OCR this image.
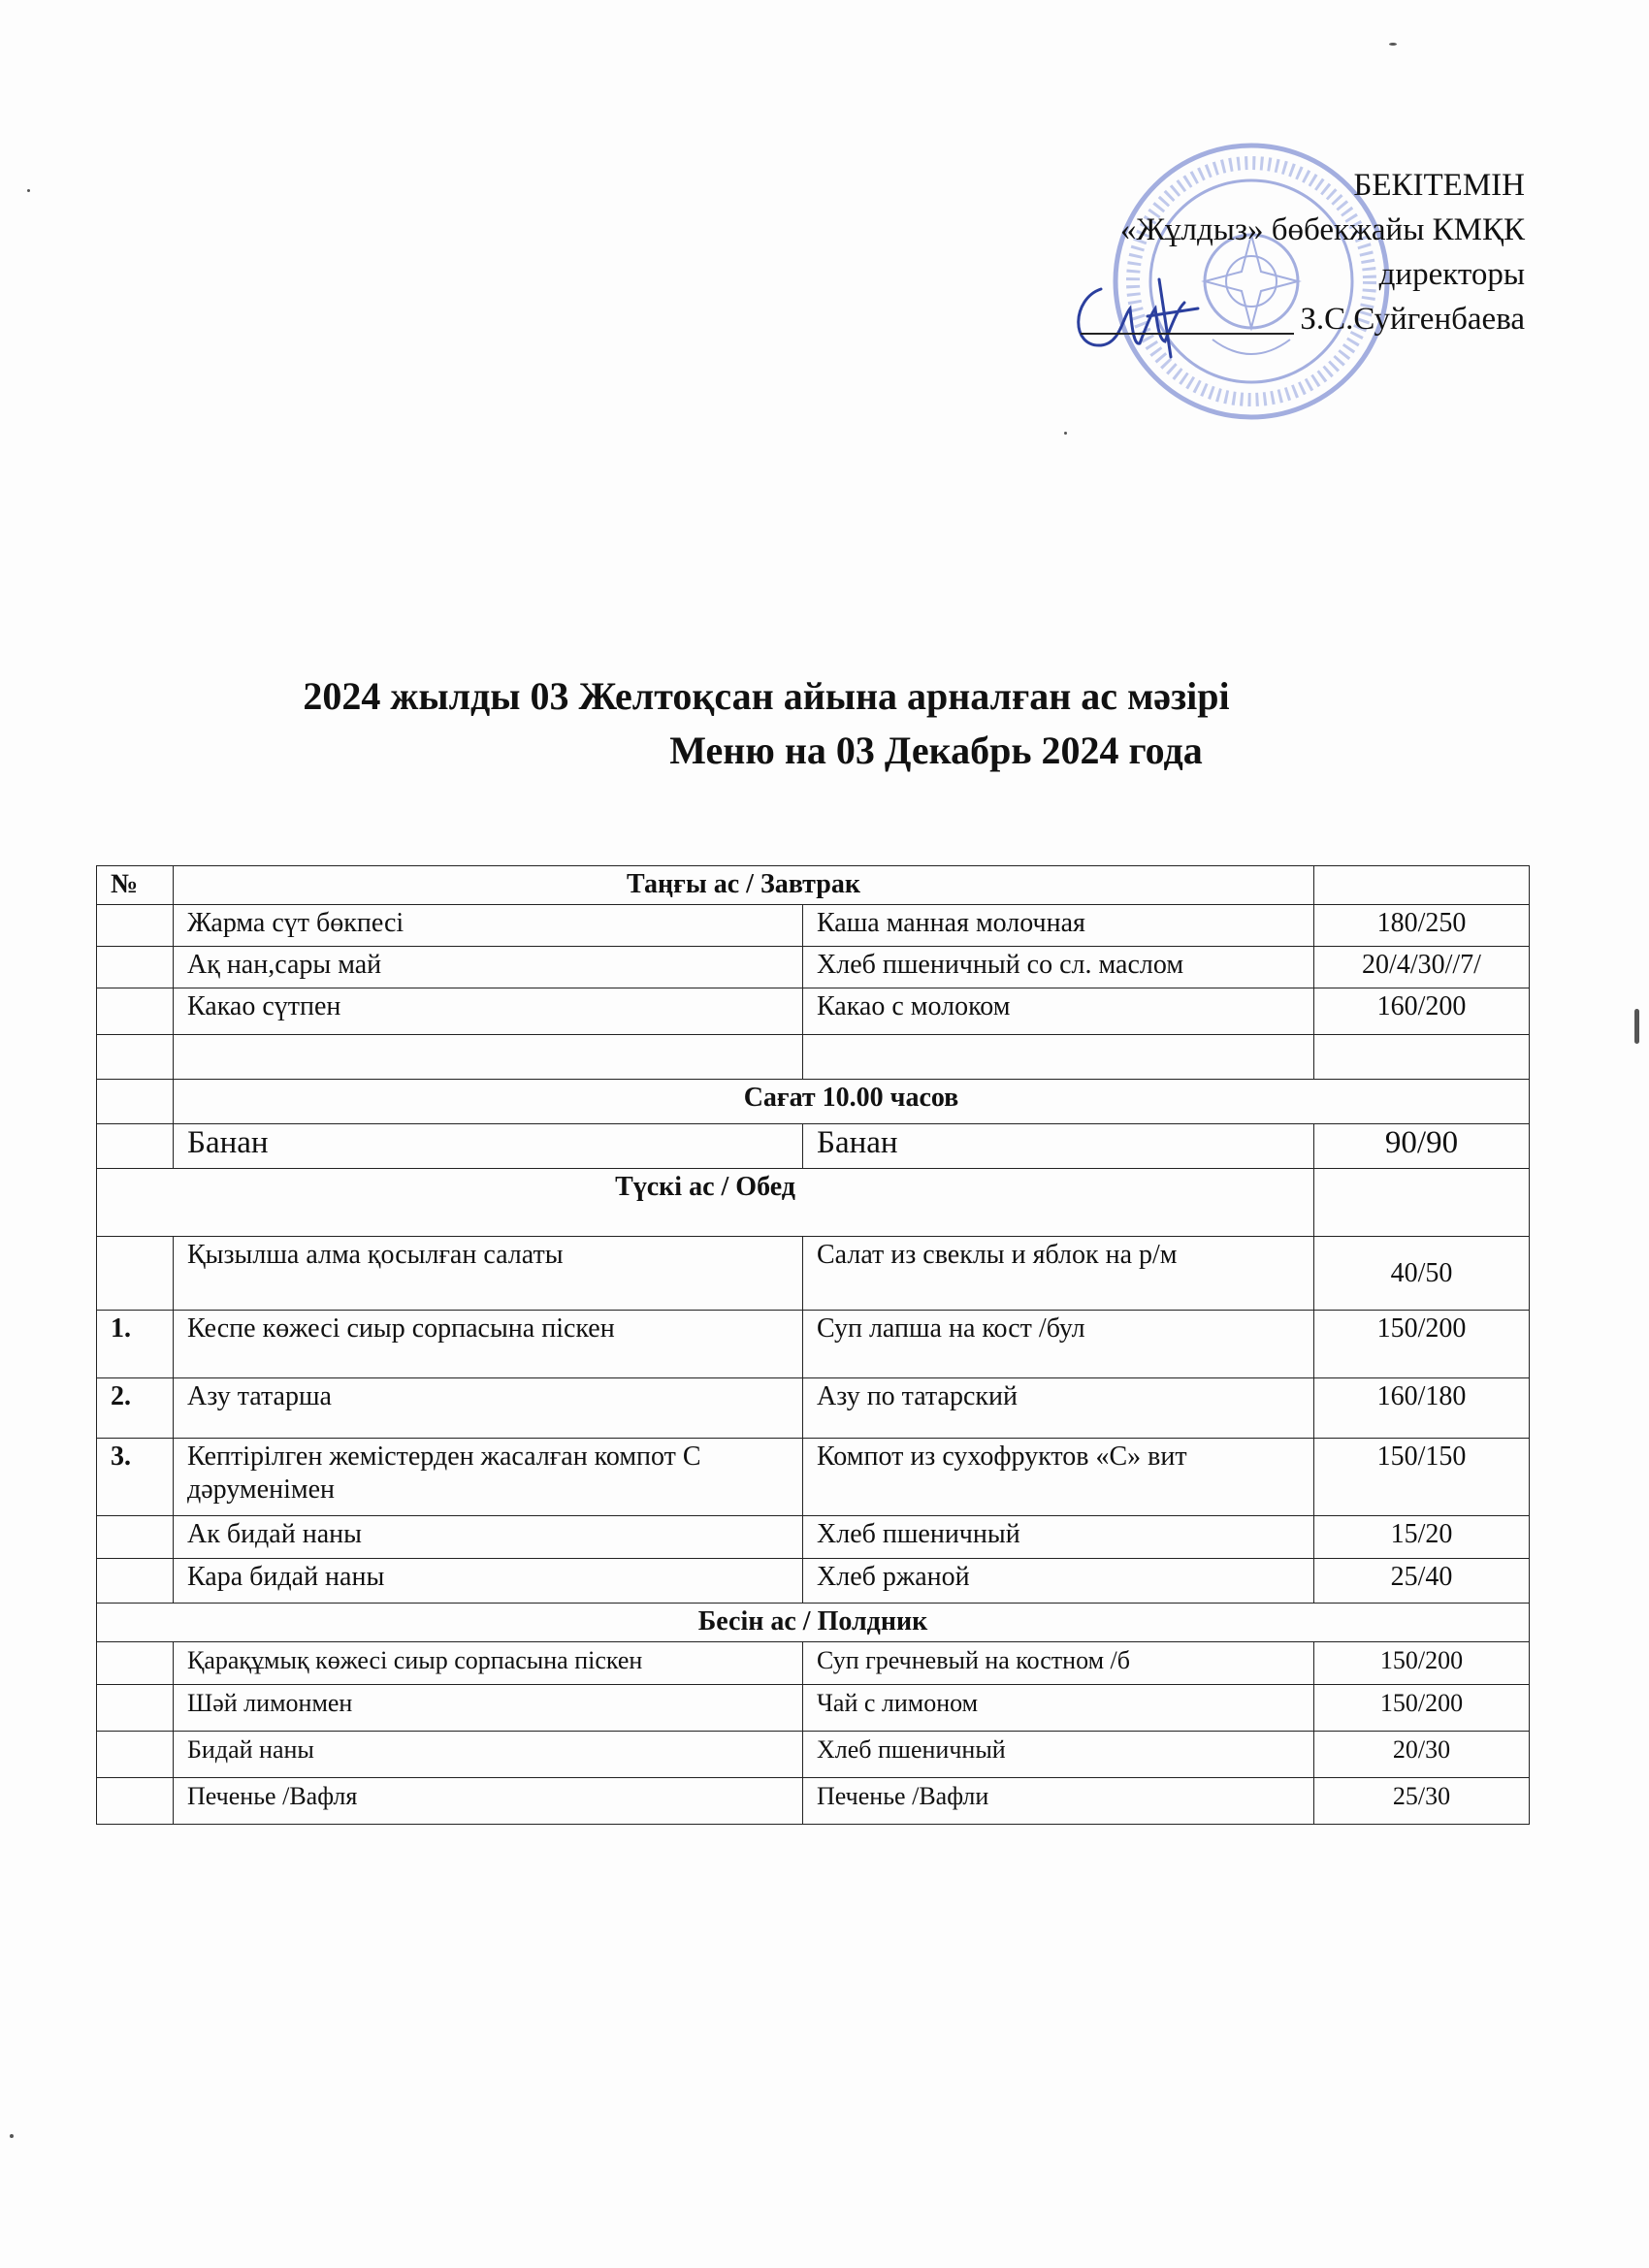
БЕКІТЕМІН
«Жұлдыз» бөбекжайы КМҚК
директоры
З.С.Суйгенбаева
2024 жылды 03 Желтоқсан айына арналған ас мәзірі
Меню на 03 Декабрь 2024 года
№	Таңғы ас / Завтрак		
	Жарма сүт бөкпесі	Каша манная молочная	180/250
	Ақ нан,сары май	Хлеб пшеничный со сл. маслом	20/4/30//7/
	Какао сүтпен	Какао с молоком	160/200

	Сағат 10.00 часов		
	Банан	Банан	90/90
Түскі ас / Обед			
	Қызылша алма қосылған салаты	Салат из свеклы и яблок на р/м	40/50
1.	Кеспе көжесі сиыр сорпасына піскен	Суп лапша на кост /бул	150/200
2.	Азу татарша	Азу по татарский	160/180
3.	Кептірілген жемістерден жасалған компот С дәруменімен	Компот из сухофруктов «С» вит	150/150
	Ак бидай наны	Хлеб пшеничный	15/20
	Кара бидай наны	Хлеб ржаной	25/40
Бесін ас / Полдник			
	Қарақұмық көжесі сиыр сорпасына піскен	Суп гречневый на костном /б	150/200
	Шәй лимонмен	Чай с лимоном	150/200
	Бидай наны	Хлеб пшеничный	20/30
	Печенье /Вафля	Печенье /Вафли	25/30
